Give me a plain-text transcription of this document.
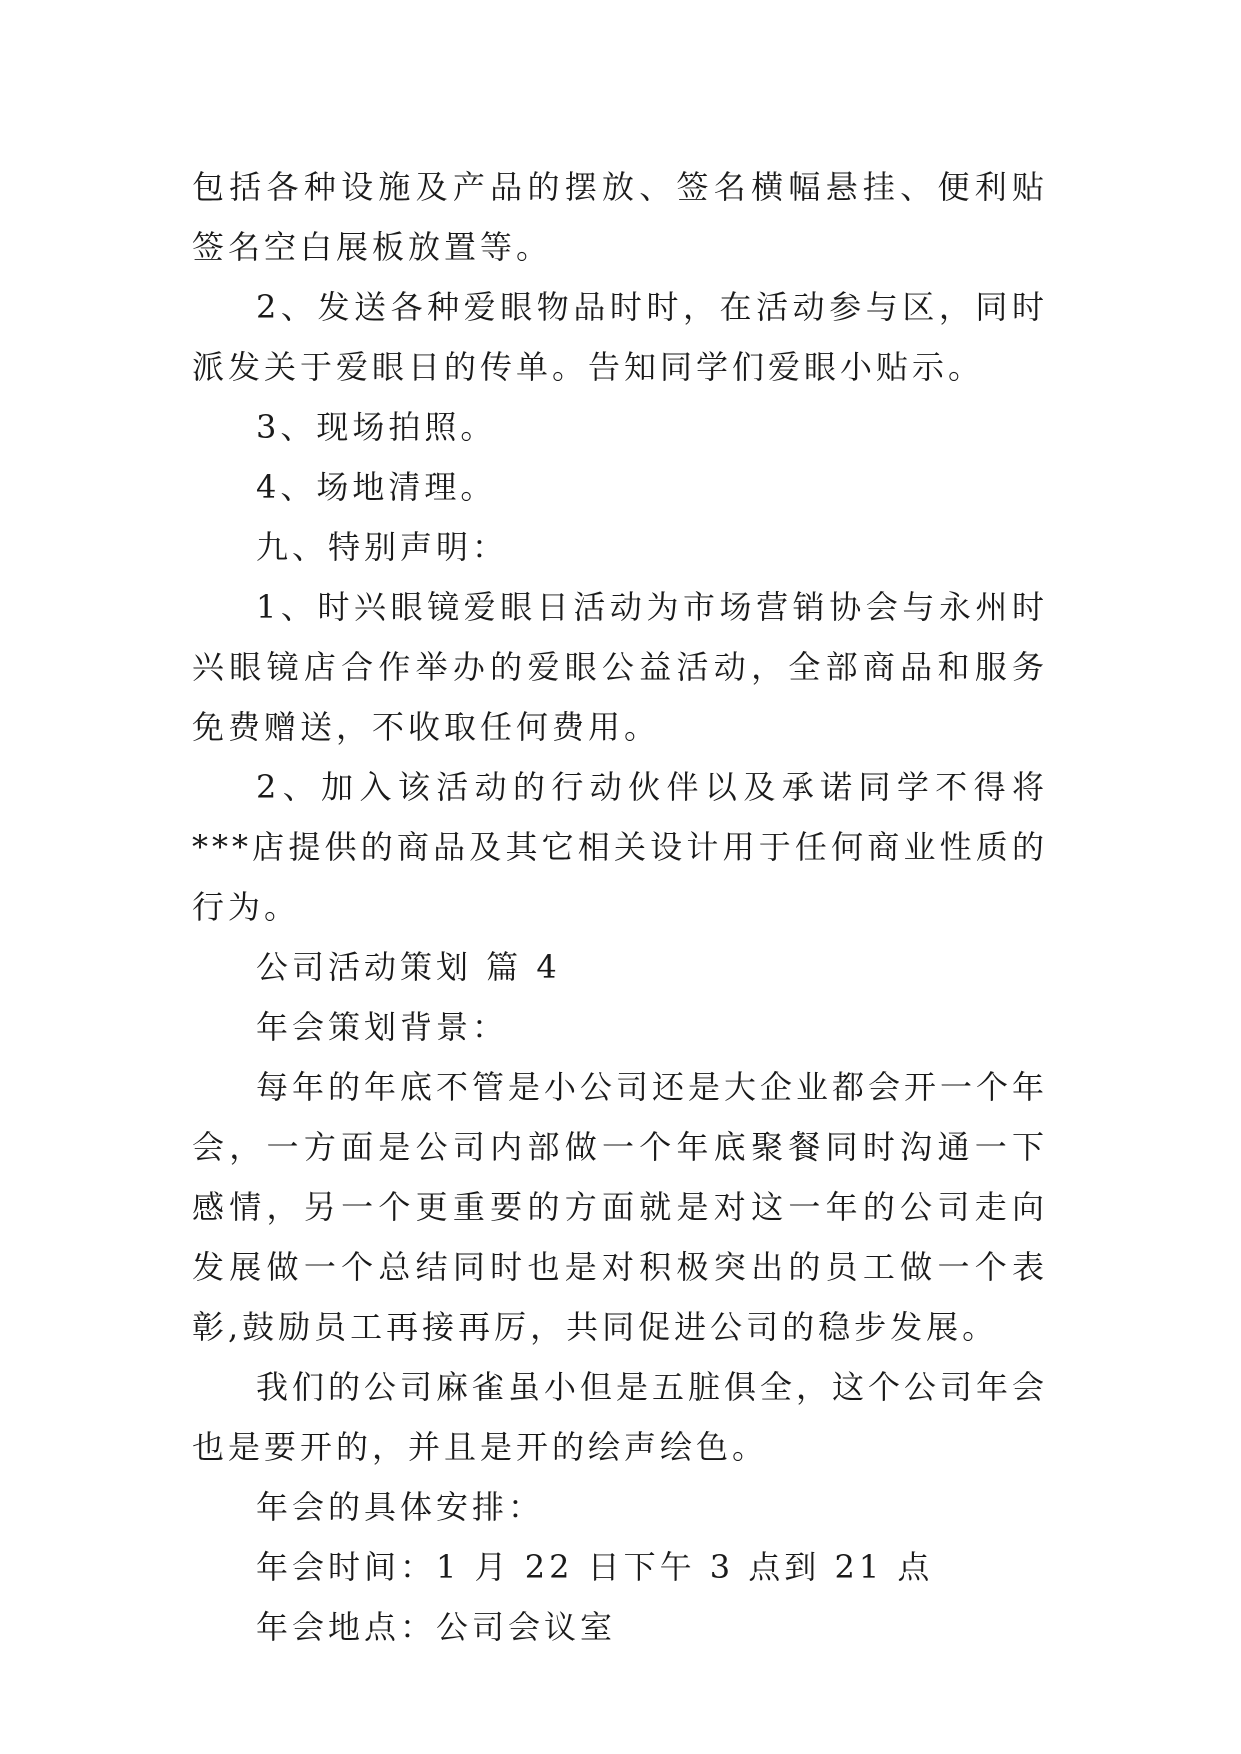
包括各种设施及产品的摆放、签名横幅悬挂、便利贴签名空白展板放置等。

2、发送各种爱眼物品时时，在活动参与区，同时派发关于爱眼日的传单。告知同学们爱眼小贴示。

3、现场拍照。

4、场地清理。

九、特别声明：

1、时兴眼镜爱眼日活动为市场营销协会与永州时兴眼镜店合作举办的爱眼公益活动，全部商品和服务免费赠送，不收取任何费用。

2、加入该活动的行动伙伴以及承诺同学不得将***店提供的商品及其它相关设计用于任何商业性质的行为。

公司活动策划 篇 4

年会策划背景：

每年的年底不管是小公司还是大企业都会开一个年会，一方面是公司内部做一个年底聚餐同时沟通一下感情，另一个更重要的方面就是对这一年的公司走向发展做一个总结同时也是对积极突出的员工做一个表彰,鼓励员工再接再厉，共同促进公司的稳步发展。

我们的公司麻雀虽小但是五脏俱全，这个公司年会也是要开的，并且是开的绘声绘色。

年会的具体安排：

年会时间：1 月 22 日下午 3 点到 21 点

年会地点：公司会议室
